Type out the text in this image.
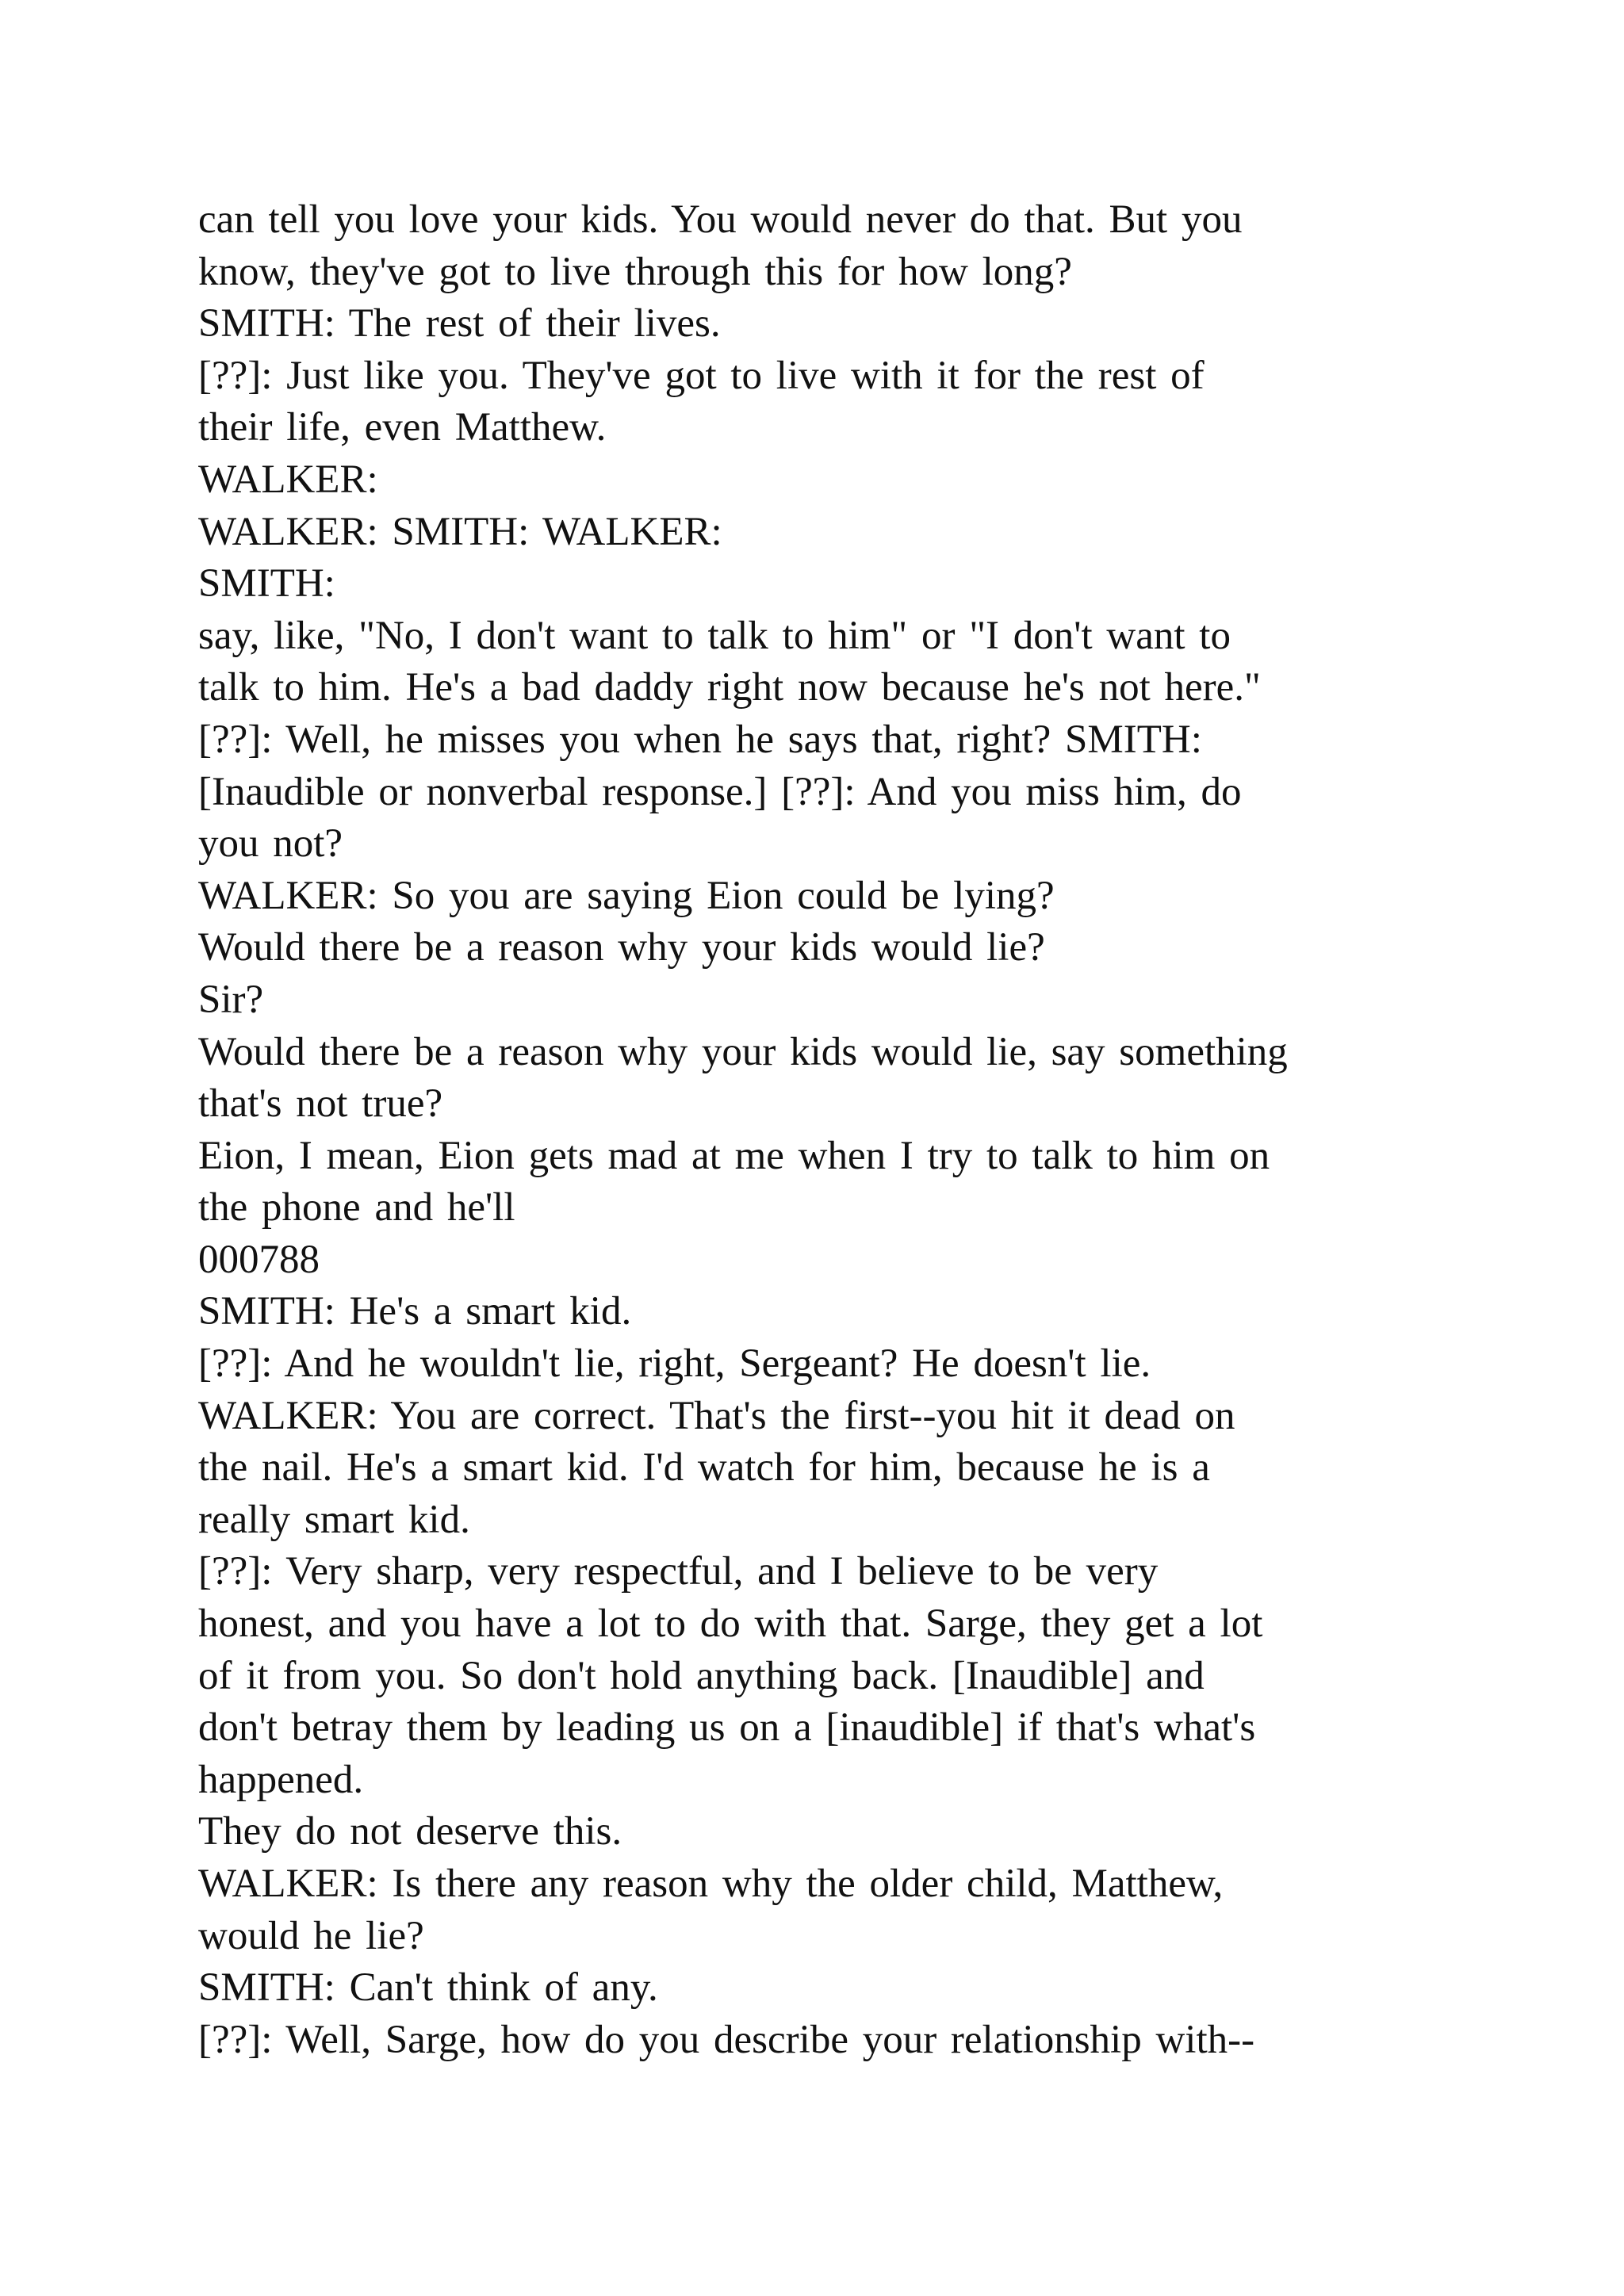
can tell you love your kids. You would never do that. But you
know, they've got to live through this for how long?
SMITH: The rest of their lives.
[??]: Just like you. They've got to live with it for the rest of
their life, even Matthew.
WALKER:
WALKER: SMITH: WALKER:
SMITH:
say, like, "No, I don't want to talk to him" or "I don't want to
talk to him. He's a bad daddy right now because he's not here."
[??]: Well, he misses you when he says that, right? SMITH:
[Inaudible or nonverbal response.] [??]: And you miss him, do
you not?
WALKER: So you are saying Eion could be lying?
Would there be a reason why your kids would lie?
Sir?
Would there be a reason why your kids would lie, say something
that's not true?
Eion, I mean, Eion gets mad at me when I try to talk to him on
the phone and he'll
000788
SMITH: He's a smart kid.
[??]: And he wouldn't lie, right, Sergeant? He doesn't lie.
WALKER: You are correct. That's the first--you hit it dead on
the nail. He's a smart kid. I'd watch for him, because he is a
really smart kid.
[??]: Very sharp, very respectful, and I believe to be very
honest, and you have a lot to do with that. Sarge, they get a lot
of it from you. So don't hold anything back. [Inaudible] and
don't betray them by leading us on a [inaudible] if that's what's
happened.
They do not deserve this.
WALKER: Is there any reason why the older child, Matthew,
would he lie?
SMITH: Can't think of any.
[??]: Well, Sarge, how do you describe your relationship with--
